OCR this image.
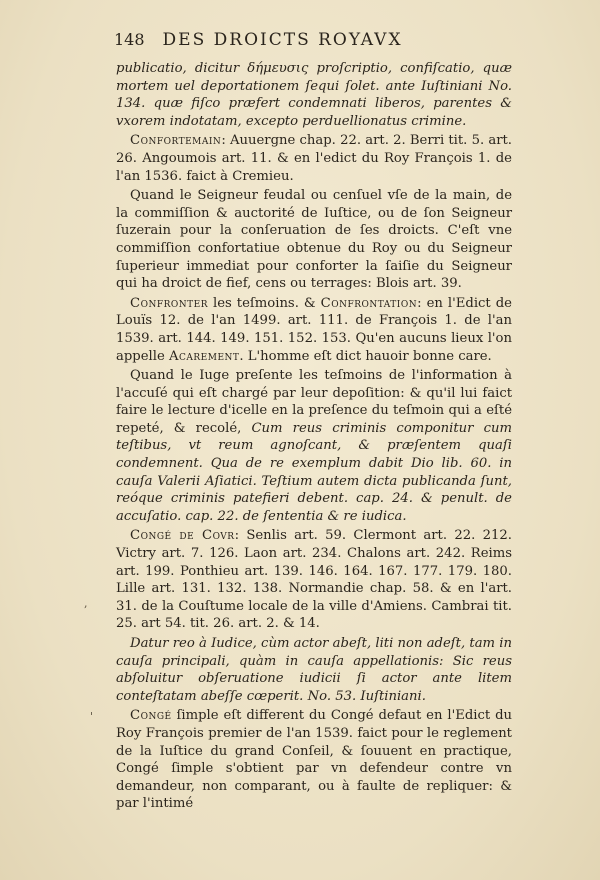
148 DES DROICTS ROYAVX

publicatio, dicitur δήμευσις proſcriptio, confiſcatio, quæ mortem uel deportationem ſequi ſolet. ante Iuſtiniani No. 134. quæ fiſco præfert condemnati liberos, parentes & vxorem indotatam, excepto perduellionatus crimine.

Confortemain: Auuergne chap. 22. art. 2. Berri tit. 5. art. 26. Angoumois art. 11. & en l'edict du Roy François 1. de l'an 1536. faict à Cremieu.

Quand le Seigneur feudal ou cenſuel vſe de la main, de la commiſſion & auctorité de Iuſtice, ou de ſon Seigneur ſuzerain pour la conſeruation de ſes droicts. C'eſt vne commiſſion confortatiue obtenue du Roy ou du Seigneur ſuperieur immediat pour conforter la ſaiſie du Seigneur qui ha droict de fief, cens ou terrages: Blois art. 39.

Confronter les teſmoins. & Confrontation: en l'Edict de Louïs 12. de l'an 1499. art. 111. de François 1. de l'an 1539. art. 144. 149. 151. 152. 153. Qu'en aucuns lieux l'on appelle Acarement. L'homme eſt dict hauoir bonne care.

Quand le Iuge preſente les teſmoins de l'information à l'accuſé qui eſt chargé par leur depoſition: & qu'il lui faict faire le lecture d'icelle en la preſence du teſmoin qui a eſté repeté, & recolé, Cum reus criminis componitur cum teſtibus, vt reum agnoſcant, & præſentem quaſi condemnent. Qua de re exemplum dabit Dio lib. 60. in cauſa Valerii Aſiatici. Teſtium autem dicta publicanda ſunt, reóque criminis patefieri debent. cap. 24. & penult. de accuſatio. cap. 22. de ſententia & re iudica.

Congé de Covr: Senlis art. 59. Clermont art. 22. 212. Victry art. 7. 126. Laon art. 234. Chalons art. 242. Reims art. 199. Ponthieu art. 139. 146. 164. 167. 177. 179. 180. Lille art. 131. 132. 138. Normandie chap. 58. & en l'art. 31. de la Couſtume locale de la ville d'Amiens. Cambrai tit. 25. art 54. tit. 26. art. 2. & 14.

Datur reo à Iudice, cùm actor abeſt, liti non adeſt, tam in cauſa principali, quàm in cauſa appellationis: Sic reus abſoluitur obſeruatione iudicii ſi actor ante litem conteſtatam abeſſe cœperit. No. 53. Iuſtiniani.

Congé ſimple eſt different du Congé defaut en l'Edict du Roy François premier de l'an 1539. faict pour le reglement de la Iuſtice du grand Conſeil, & ſouuent en practique, Congé ſimple s'obtient par vn defendeur contre vn demandeur, non comparant, ou à faulte de repliquer: & par l'intimé

,
'
